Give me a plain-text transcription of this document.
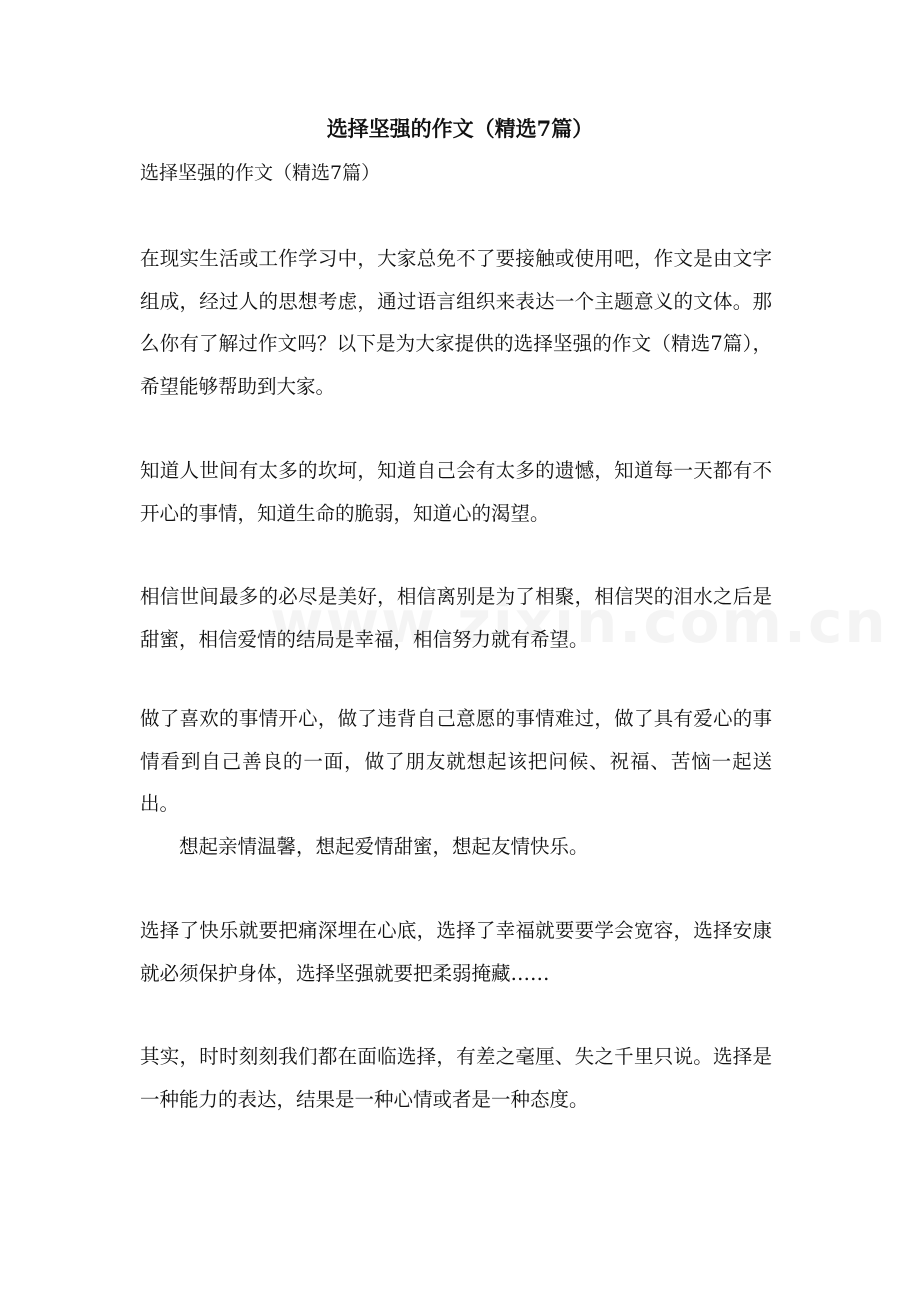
选择坚强的作文（精选7篇）
选择坚强的作文（精选7篇）

在现实生活或工作学习中，大家总免不了要接触或使用吧，作文是由文字组成，经过人的思想考虑，通过语言组织来表达一个主题意义的文体。那么你有了解过作文吗？以下是为大家提供的选择坚强的作文（精选7篇），希望能够帮助到大家。

知道人世间有太多的坎坷，知道自己会有太多的遗憾，知道每一天都有不开心的事情，知道生命的脆弱，知道心的渴望。

相信世间最多的必尽是美好，相信离别是为了相聚，相信哭的泪水之后是甜蜜，相信爱情的结局是幸福，相信努力就有希望。

做了喜欢的事情开心，做了违背自己意愿的事情难过，做了具有爱心的事情看到自己善良的一面，做了朋友就想起该把问候、祝福、苦恼一起送出。

　　想起亲情温馨，想起爱情甜蜜，想起友情快乐。

选择了快乐就要把痛深埋在心底，选择了幸福就要要学会宽容，选择安康就必须保护身体，选择坚强就要把柔弱掩藏……

其实，时时刻刻我们都在面临选择，有差之毫厘、失之千里只说。选择是一种能力的表达，结果是一种心情或者是一种态度。
